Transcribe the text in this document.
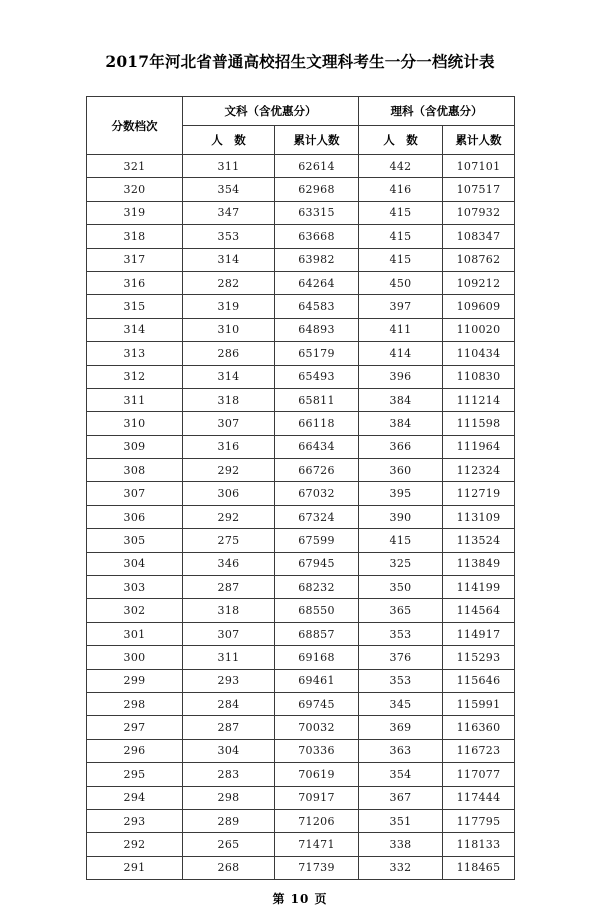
2017年河北省普通高校招生文理科考生一分一档统计表
分数档次	文科（含优惠分）		理科（含优惠分）	
	人　数	累计人数	人　数	累计人数
321	311	62614	442	107101
320	354	62968	416	107517
319	347	63315	415	107932
318	353	63668	415	108347
317	314	63982	415	108762
316	282	64264	450	109212
315	319	64583	397	109609
314	310	64893	411	110020
313	286	65179	414	110434
312	314	65493	396	110830
311	318	65811	384	111214
310	307	66118	384	111598
309	316	66434	366	111964
308	292	66726	360	112324
307	306	67032	395	112719
306	292	67324	390	113109
305	275	67599	415	113524
304	346	67945	325	113849
303	287	68232	350	114199
302	318	68550	365	114564
301	307	68857	353	114917
300	311	69168	376	115293
299	293	69461	353	115646
298	284	69745	345	115991
297	287	70032	369	116360
296	304	70336	363	116723
295	283	70619	354	117077
294	298	70917	367	117444
293	289	71206	351	117795
292	265	71471	338	118133
291	268	71739	332	118465
第 10 页
